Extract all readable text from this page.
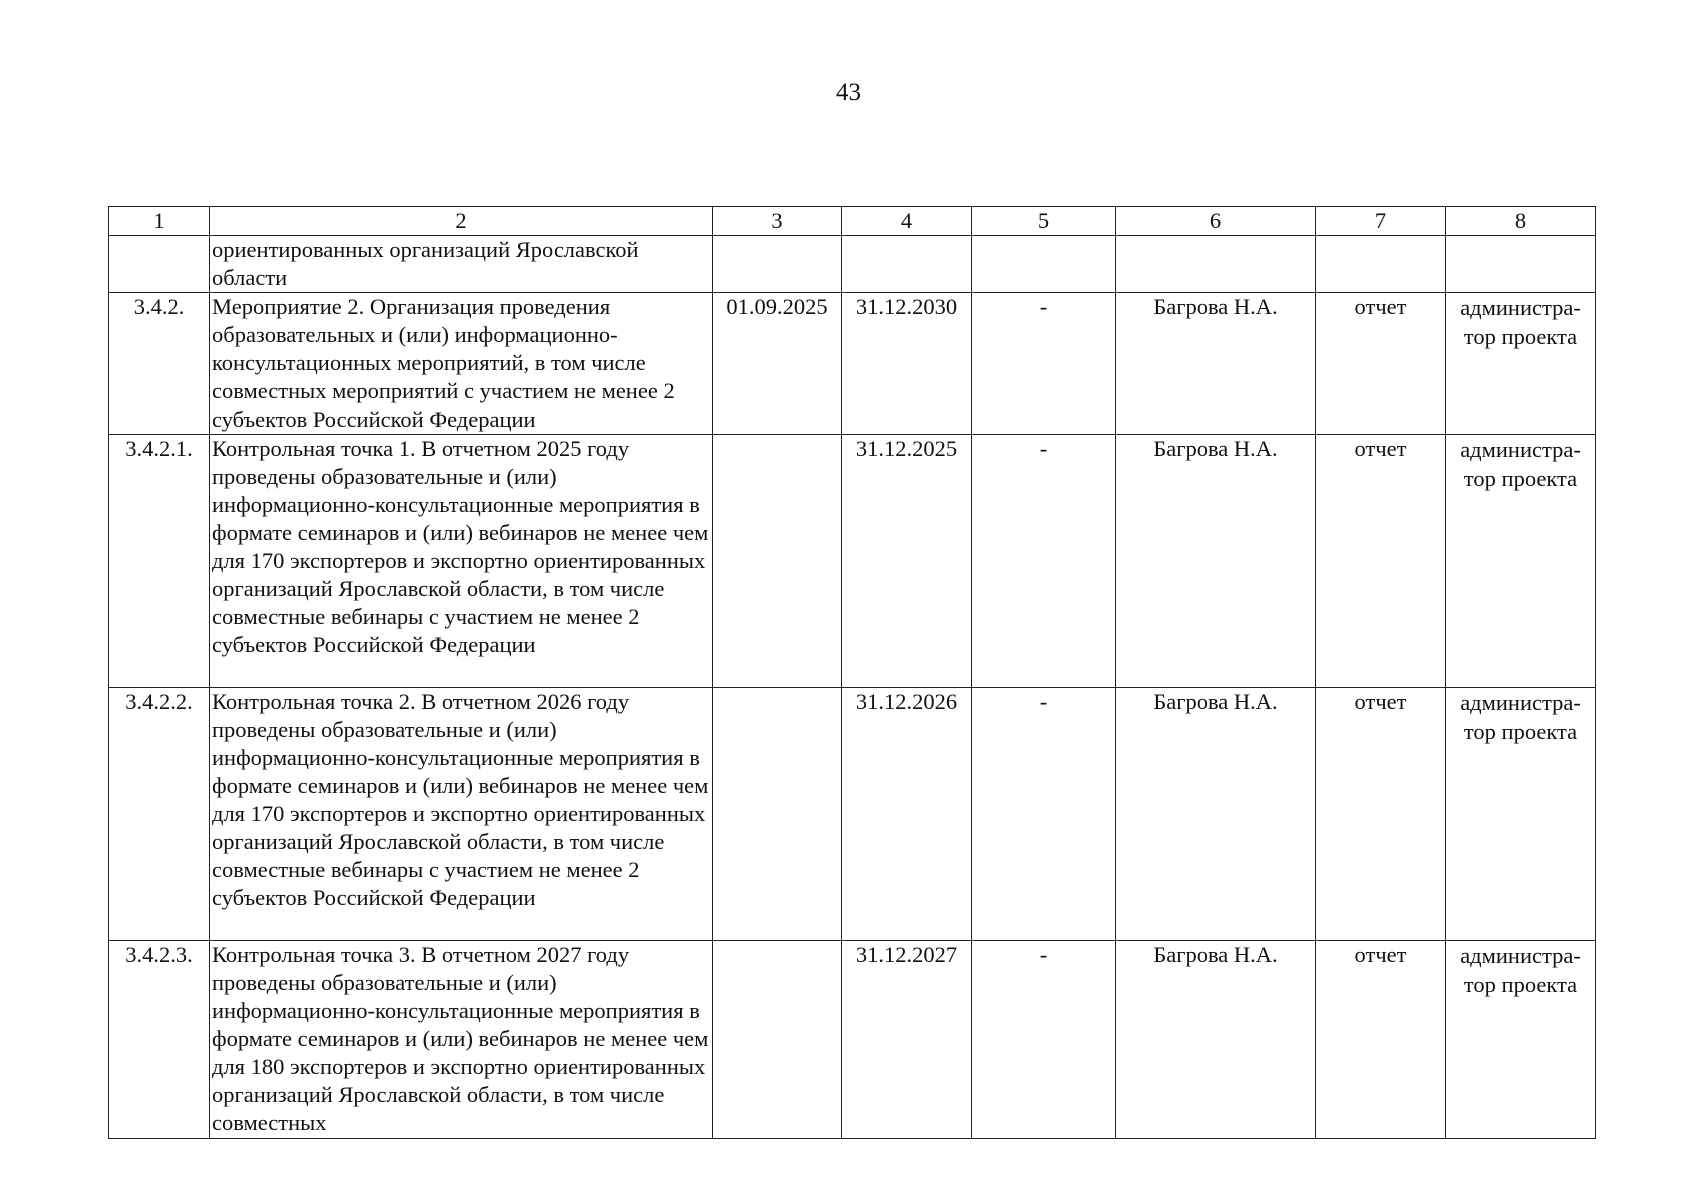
43
1	2	3	4	5	6	7	8
	ориентированных организаций Ярославской области						
3.4.2.	Мероприятие 2. Организация проведения образовательных и (или) информационно-консультационных мероприятий, в том числе совместных мероприятий с участием не менее 2 субъектов Российской Федерации	01.09.2025	31.12.2030	-	Багрова Н.А.	отчет	администра-тор проекта
3.4.2.1.	Контрольная точка 1. В отчетном 2025 году проведены образовательные и (или) информационно-консультационные мероприятия в формате семинаров и (или) вебинаров не менее чем для 170 экспортеров и экспортно ориентированных организаций Ярославской области, в том числе совместные вебинары с участием не менее 2 субъектов Российской Федерации		31.12.2025	-	Багрова Н.А.	отчет	администра-тор проекта
3.4.2.2.	Контрольная точка 2. В отчетном 2026 году проведены образовательные и (или) информационно-консультационные мероприятия в формате семинаров и (или) вебинаров не менее чем для 170 экспортеров и экспортно ориентированных организаций Ярославской области, в том числе совместные вебинары с участием не менее 2 субъектов Российской Федерации		31.12.2026	-	Багрова Н.А.	отчет	администра-тор проекта
3.4.2.3.	Контрольная точка 3. В отчетном 2027 году проведены образовательные и (или) информационно-консультационные мероприятия в формате семинаров и (или) вебинаров не менее чем для 180 экспортеров и экспортно ориентированных организаций Ярославской области, в том числе совместных		31.12.2027	-	Багрова Н.А.	отчет	администра-тор проекта
